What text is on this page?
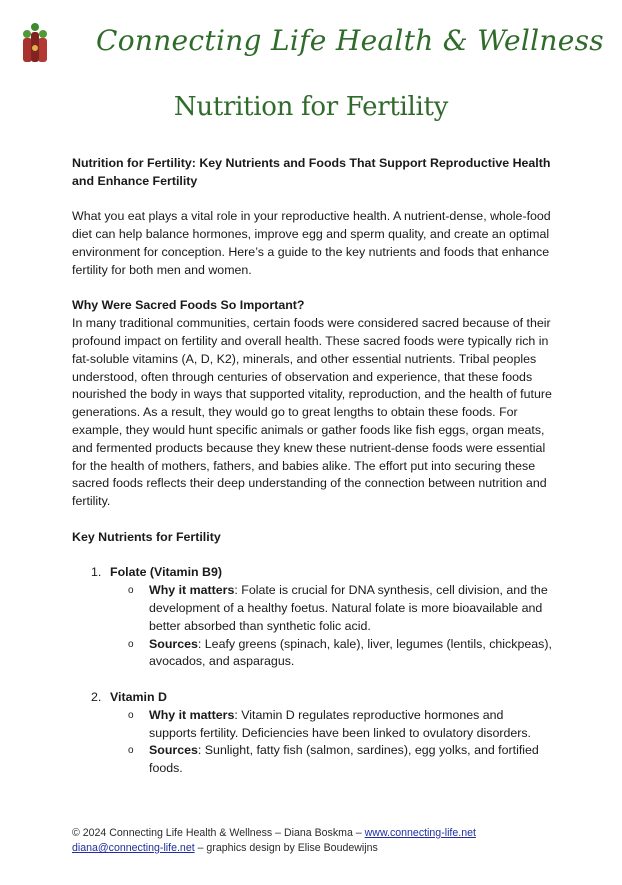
Connecting Life Health & Wellness
Nutrition for Fertility

Nutrition for Fertility: Key Nutrients and Foods That Support Reproductive Health and Enhance Fertility

What you eat plays a vital role in your reproductive health. A nutrient-dense, whole-food diet can help balance hormones, improve egg and sperm quality, and create an optimal environment for conception. Here’s a guide to the key nutrients and foods that enhance fertility for both men and women.

Why Were Sacred Foods So Important?

In many traditional communities, certain foods were considered sacred because of their profound impact on fertility and overall health. These sacred foods were typically rich in fat-soluble vitamins (A, D, K2), minerals, and other essential nutrients. Tribal peoples understood, often through centuries of observation and experience, that these foods nourished the body in ways that supported vitality, reproduction, and the health of future generations. As a result, they would go to great lengths to obtain these foods. For example, they would hunt specific animals or gather foods like fish eggs, organ meats, and fermented products because they knew these nutrient-dense foods were essential for the health of mothers, fathers, and babies alike. The effort put into securing these sacred foods reflects their deep understanding of the connection between nutrition and fertility.

Key Nutrients for Fertility

1. Folate (Vitamin B9)

o Why it matters: Folate is crucial for DNA synthesis, cell division, and the development of a healthy foetus. Natural folate is more bioavailable and better absorbed than synthetic folic acid.

o Sources: Leafy greens (spinach, kale), liver, legumes (lentils, chickpeas), avocados, and asparagus.

2. Vitamin D

o Why it matters: Vitamin D regulates reproductive hormones and supports fertility. Deficiencies have been linked to ovulatory disorders.

o Sources: Sunlight, fatty fish (salmon, sardines), egg yolks, and fortified foods.

© 2024 Connecting Life Health & Wellness – Diana Boskma – www.connecting-life.net
diana@connecting-life.net – graphics design by Elise Boudewijns
